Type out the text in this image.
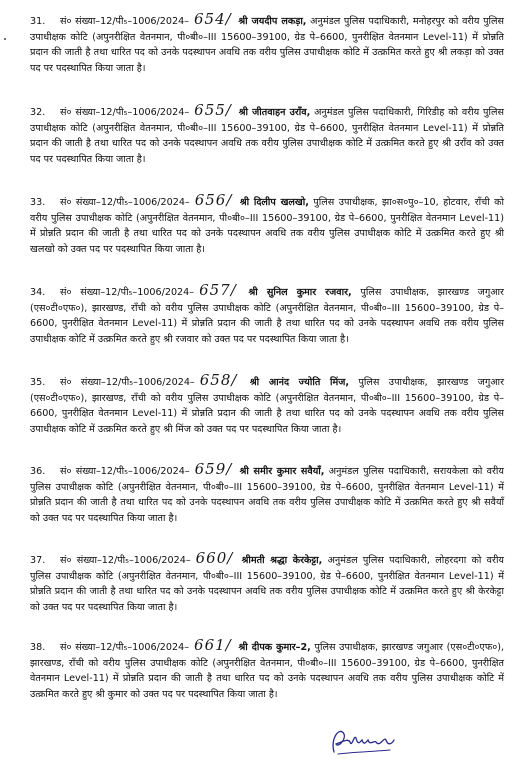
31. सं० संख्या–12/पी₅–1006/2024– 654/ श्री जयदीप लकड़ा, अनुमंडल पुलिस पदाधिकारी, मनोहरपुर को वरीय पुलिस उपाधीक्षक कोटि (अपुनरीक्षित वेतनमान, पी०बी०–III 15600–39100, ग्रेड पे–6600, पुनरीक्षित वेतनमान Level-11) में प्रोन्नति प्रदान की जाती है तथा धारित पद को उनके पदस्थापन अवधि तक वरीय पुलिस उपाधीक्षक कोटि में उत्क्रमित करते हुए श्री लकड़ा को उक्त पद पर पदस्थापित किया जाता है।
32. सं० संख्या–12/पी₅–1006/2024– 655/ श्री जीतवाहन उराँव, अनुमंडल पुलिस पदाधिकारी, गिरिडीह को वरीय पुलिस उपाधीक्षक कोटि (अपुनरीक्षित वेतनमान, पी०बी०–III 15600–39100, ग्रेड पे–6600, पुनरीक्षित वेतनमान Level-11) में प्रोन्नति प्रदान की जाती है तथा धारित पद को उनके पदस्थापन अवधि तक वरीय पुलिस उपाधीक्षक कोटि में उत्क्रमित करते हुए श्री उराँव को उक्त पद पर पदस्थापित किया जाता है।
33. सं० संख्या–12/पी₅–1006/2024– 656/ श्री दिलीप खलखो, पुलिस उपाधीक्षक, झा०स०पु०–10, होटवार, राँची को वरीय पुलिस उपाधीक्षक कोटि (अपुनरीक्षित वेतनमान, पी०बी०–III 15600–39100, ग्रेड पे–6600, पुनरीक्षित वेतनमान Level-11) में प्रोन्नति प्रदान की जाती है तथा धारित पद को उनके पदस्थापन अवधि तक वरीय पुलिस उपाधीक्षक कोटि में उत्क्रमित करते हुए श्री खलखो को उक्त पद पर पदस्थापित किया जाता है।
34. सं० संख्या–12/पी₅–1006/2024– 657/ श्री सुनिल कुमार रजवार, पुलिस उपाधीक्षक, झारखण्ड जगुआर (एस०टी०एफ०), झारखण्ड, राँची को वरीय पुलिस उपाधीक्षक कोटि (अपुनरीक्षित वेतनमान, पी०बी०–III 15600–39100, ग्रेड पे–6600, पुनरीक्षित वेतनमान Level-11) में प्रोन्नति प्रदान की जाती है तथा धारित पद को उनके पदस्थापन अवधि तक वरीय पुलिस उपाधीक्षक कोटि में उत्क्रमित करते हुए श्री रजवार को उक्त पद पर पदस्थापित किया जाता है।
35. सं० संख्या–12/पी₅–1006/2024– 658/ श्री आनंद ज्योति मिंज, पुलिस उपाधीक्षक, झारखण्ड जगुआर (एस०टी०एफ०), झारखण्ड, राँची को वरीय पुलिस उपाधीक्षक कोटि (अपुनरीक्षित वेतनमान, पी०बी०–III 15600–39100, ग्रेड पे–6600, पुनरीक्षित वेतनमान Level-11) में प्रोन्नति प्रदान की जाती है तथा धारित पद को उनके पदस्थापन अवधि तक वरीय पुलिस उपाधीक्षक कोटि में उत्क्रमित करते हुए श्री मिंज को उक्त पद पर पदस्थापित किया जाता है।
36. सं० संख्या–12/पी₅–1006/2024– 659/ श्री समीर कुमार सवैयाँ, अनुमंडल पुलिस पदाधिकारी, सरायकेला को वरीय पुलिस उपाधीक्षक कोटि (अपुनरीक्षित वेतनमान, पी०बी०–III 15600–39100, ग्रेड पे–6600, पुनरीक्षित वेतनमान Level-11) में प्रोन्नति प्रदान की जाती है तथा धारित पद को उनके पदस्थापन अवधि तक वरीय पुलिस उपाधीक्षक कोटि में उत्क्रमित करते हुए श्री सवैयाँ को उक्त पद पर पदस्थापित किया जाता है।
37. सं० संख्या–12/पी₅–1006/2024– 660/ श्रीमती श्रद्धा केरकेट्टा, अनुमंडल पुलिस पदाधिकारी, लोहरदगा को वरीय पुलिस उपाधीक्षक कोटि (अपुनरीक्षित वेतनमान, पी०बी०–III 15600–39100, ग्रेड पे–6600, पुनरीक्षित वेतनमान Level-11) में प्रोन्नति प्रदान की जाती है तथा धारित पद को उनके पदस्थापन अवधि तक वरीय पुलिस उपाधीक्षक कोटि में उत्क्रमित करते हुए श्री केरकेट्टा को उक्त पद पर पदस्थापित किया जाता है।
38. सं० संख्या–12/पी₅–1006/2024– 661/ श्री दीपक कुमार–2, पुलिस उपाधीक्षक, झारखण्ड जगुआर (एस०टी०एफ०), झारखण्ड, राँची को वरीय पुलिस उपाधीक्षक कोटि (अपुनरीक्षित वेतनमान, पी०बी०–III 15600–39100, ग्रेड पे–6600, पुनरीक्षित वेतनमान Level-11) में प्रोन्नति प्रदान की जाती है तथा धारित पद को उनके पदस्थापन अवधि तक वरीय पुलिस उपाधीक्षक कोटि में उत्क्रमित करते हुए श्री कुमार को उक्त पद पर पदस्थापित किया जाता है।
